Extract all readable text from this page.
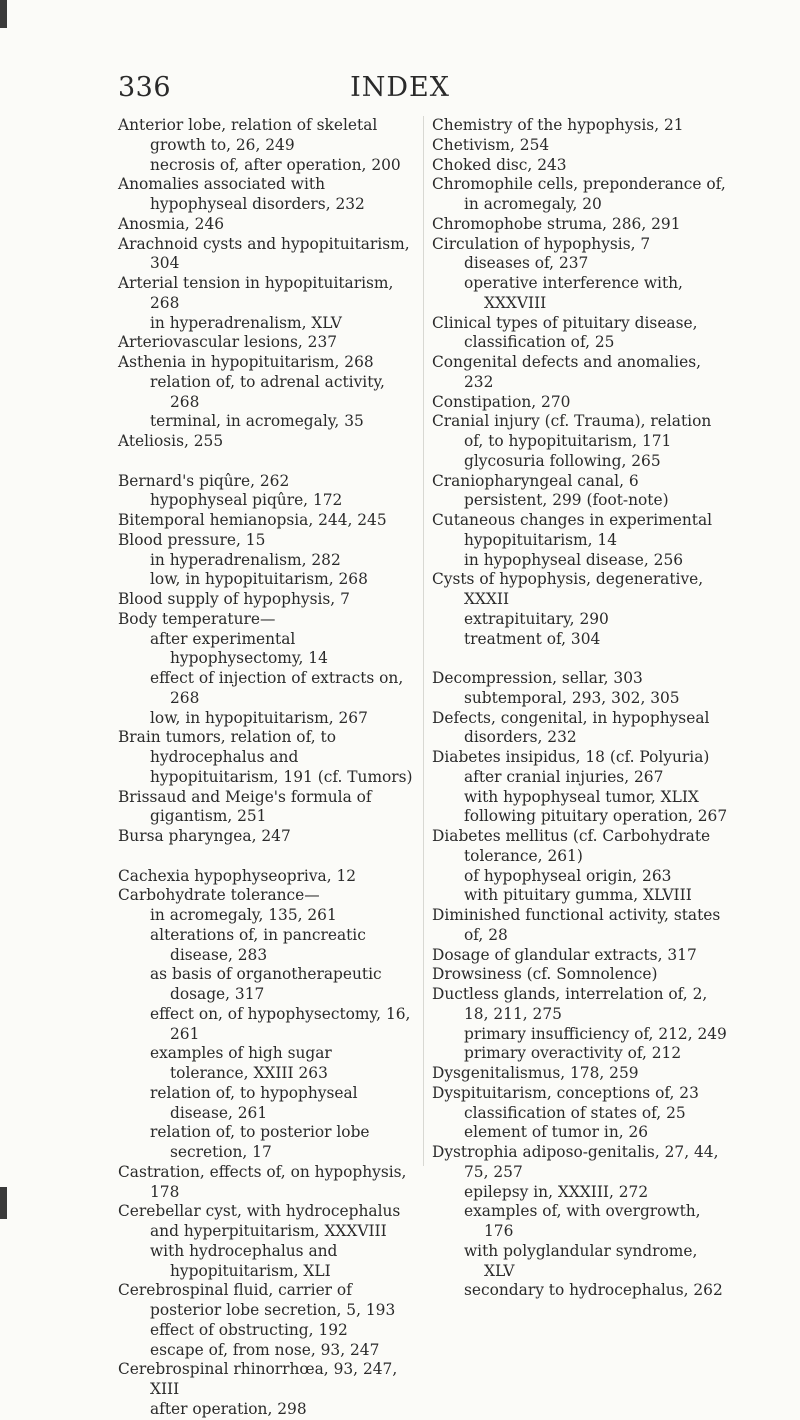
336	INDEX

Anterior lobe, relation of skeletal growth to, 26, 249

necrosis of, after operation, 200

Anomalies associated with hypophyseal disorders, 232

Anosmia, 246

Arachnoid cysts and hypopituitarism, 304

Arterial tension in hypopituitarism, 268

in hyperadrenalism, XLV

Arteriovascular lesions, 237

Asthenia in hypopituitarism, 268

relation of, to adrenal activity, 268

terminal, in acromegaly, 35

Ateliosis, 255

Bernard's piqûre, 262

hypophyseal piqûre, 172

Bitemporal hemianopsia, 244, 245

Blood pressure, 15

in hyperadrenalism, 282

low, in hypopituitarism, 268

Blood supply of hypophysis, 7

Body temperature—

after experimental hypophysectomy, 14

effect of injection of extracts on, 268

low, in hypopituitarism, 267

Brain tumors, relation of, to hydrocephalus and hypopituitarism, 191 (cf. Tumors)

Brissaud and Meige's formula of gigantism, 251

Bursa pharyngea, 247

Cachexia hypophyseopriva, 12

Carbohydrate tolerance—

in acromegaly, 135, 261

alterations of, in pancreatic disease, 283

as basis of organotherapeutic dosage, 317

effect on, of hypophysectomy, 16, 261

examples of high sugar tolerance, XXIII 263

relation of, to hypophyseal disease, 261

relation of, to posterior lobe secretion, 17

Castration, effects of, on hypophysis, 178

Cerebellar cyst, with hydrocephalus and hyperpituitarism, XXXVIII

with hydrocephalus and hypopituitarism, XLI

Cerebrospinal fluid, carrier of posterior lobe secretion, 5, 193

effect of obstructing, 192

escape of, from nose, 93, 247

Cerebrospinal rhinorrhœa, 93, 247, XIII

after operation, 298

Chemistry of the hypophysis, 21

Chetivism, 254

Choked disc, 243

Chromophile cells, preponderance of, in acromegaly, 20

Chromophobe struma, 286, 291

Circulation of hypophysis, 7

diseases of, 237

operative interference with, XXXVIII

Clinical types of pituitary disease, classification of, 25

Congenital defects and anomalies, 232

Constipation, 270

Cranial injury (cf. Trauma), relation of, to hypopituitarism, 171

glycosuria following, 265

Craniopharyngeal canal, 6

persistent, 299 (foot-note)

Cutaneous changes in experimental hypopituitarism, 14

in hypophyseal disease, 256

Cysts of hypophysis, degenerative, XXXII

extrapituitary, 290

treatment of, 304

Decompression, sellar, 303

subtemporal, 293, 302, 305

Defects, congenital, in hypophyseal disorders, 232

Diabetes insipidus, 18 (cf. Polyuria)

after cranial injuries, 267

with hypophyseal tumor, XLIX

following pituitary operation, 267

Diabetes mellitus (cf. Carbohydrate tolerance, 261)

of hypophyseal origin, 263

with pituitary gumma, XLVIII

Diminished functional activity, states of, 28

Dosage of glandular extracts, 317

Drowsiness (cf. Somnolence)

Ductless glands, interrelation of, 2, 18, 211, 275

primary insufficiency of, 212, 249

primary overactivity of, 212

Dysgenitalismus, 178, 259

Dyspituitarism, conceptions of, 23

classification of states of, 25

element of tumor in, 26

Dystrophia adiposo-genitalis, 27, 44, 75, 257

epilepsy in, XXXIII, 272

examples of, with overgrowth, 176

with polyglandular syndrome, XLV

secondary to hydrocephalus, 262
